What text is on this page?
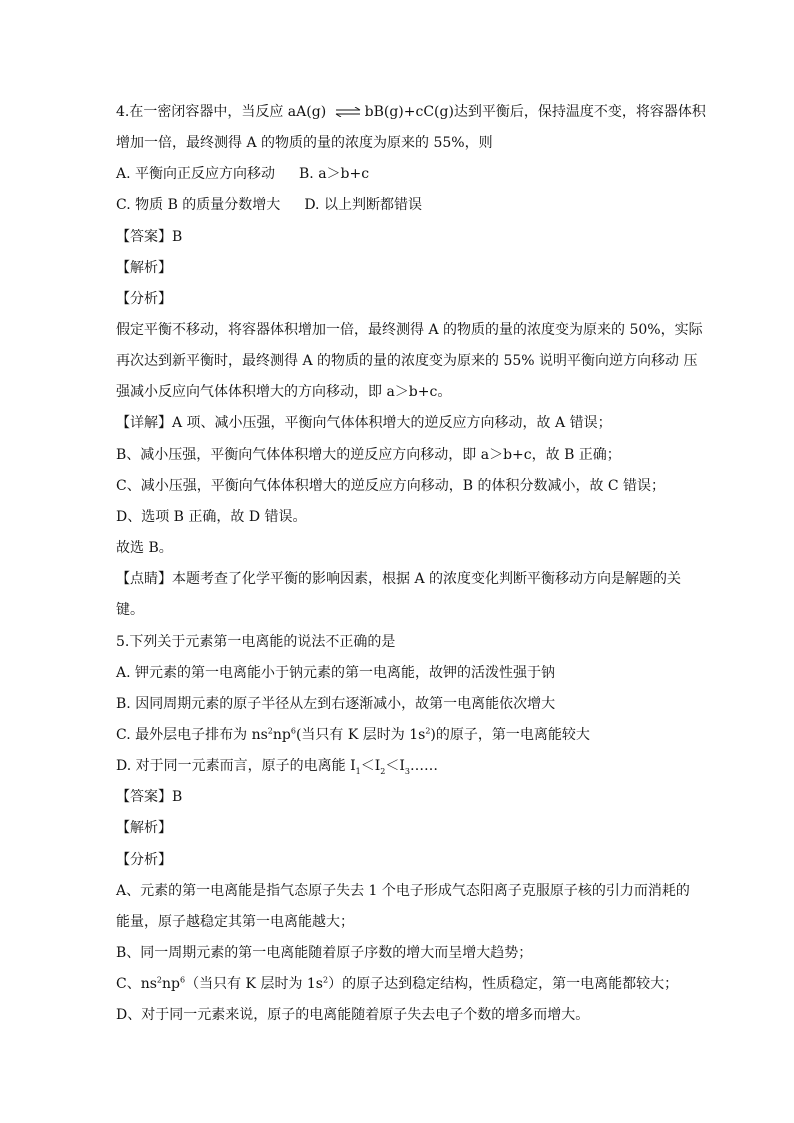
4.在一密闭容器中，当反应 aA(g) ⇌ bB(g)+cC(g)达到平衡后，保持温度不变，将容器体积
增加一倍，最终测得 A 的物质的量的浓度为原来的 55%，则
A. 平衡向正反应方向移动 B. a＞b+c
C. 物质 B 的质量分数增大 D. 以上判断都错误
【答案】B
【解析】
【分析】
假定平衡不移动，将容器体积增加一倍，最终测得 A 的物质的量的浓度变为原来的 50%，实际
再次达到新平衡时，最终测得 A 的物质的量的浓度变为原来的 55% 说明平衡向逆方向移动 压
强减小反应向气体体积增大的方向移动，即 a＞b+c。
【详解】A 项、减小压强，平衡向气体体积增大的逆反应方向移动，故 A 错误；
B、减小压强，平衡向气体体积增大的逆反应方向移动，即 a＞b+c，故 B 正确；
C、减小压强，平衡向气体体积增大的逆反应方向移动，B 的体积分数减小，故 C 错误；
D、选项 B 正确，故 D 错误。
故选 B。
【点睛】本题考查了化学平衡的影响因素，根据 A 的浓度变化判断平衡移动方向是解题的关
键。
5.下列关于元素第一电离能的说法不正确的是
A. 钾元素的第一电离能小于钠元素的第一电离能，故钾的活泼性强于钠
B. 因同周期元素的原子半径从左到右逐渐减小，故第一电离能依次增大
C. 最外层电子排布为 $ns^2np^6$(当只有 K 层时为 $1s^2$)的原子，第一电离能较大
D. 对于同一元素而言，原子的电离能 $I_1<I_2<I_3\dots\dots$
【答案】B
【解析】
【分析】
A、元素的第一电离能是指气态原子失去 1 个电子形成气态阳离子克服原子核的引力而消耗的
能量，原子越稳定其第一电离能越大；
B、同一周期元素的第一电离能随着原子序数的增大而呈增大趋势；
C、$ns^2np^6$（当只有 K 层时为 $1s^2$）的原子达到稳定结构，性质稳定，第一电离能都较大；
D、对于同一元素来说，原子的电离能随着原子失去电子个数的增多而增大。
